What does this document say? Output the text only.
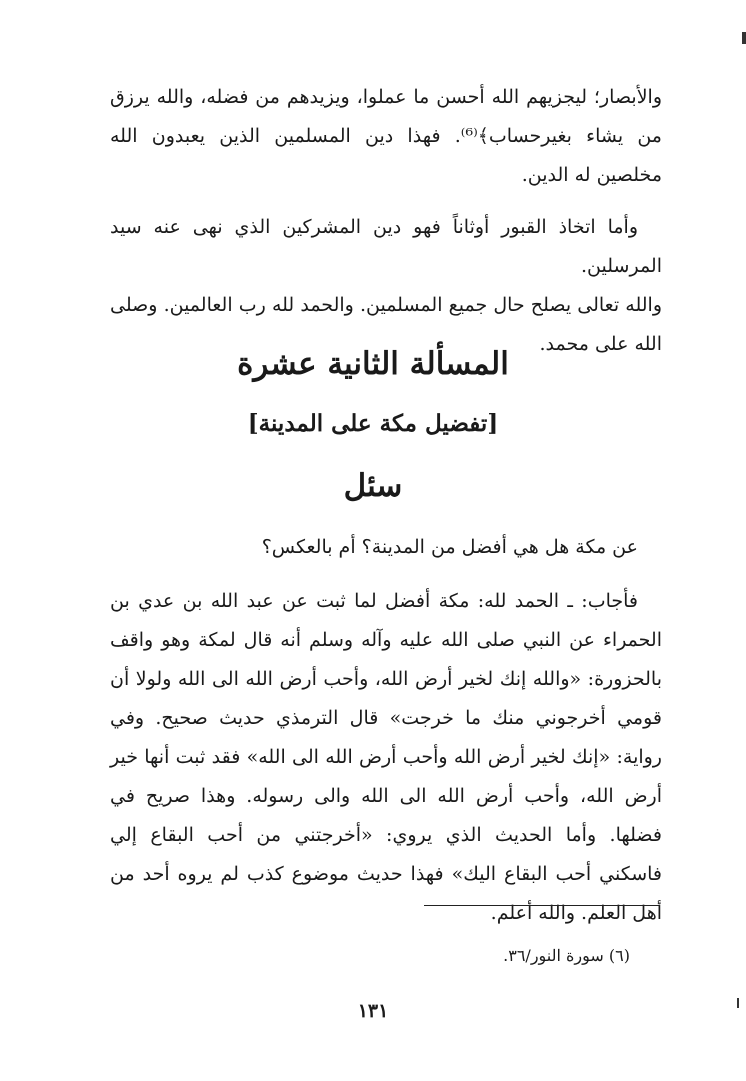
والأبصار؛ ليجزيهم الله أحسن ما عملوا، ويزيدهم من فضله، والله يرزق من يشاء بغيرحساب﴾⁽⁶⁾. فهذا دين المسلمين الذين يعبدون الله مخلصين له الدين.

وأما اتخاذ القبور أوثاناً فهو دين المشركين الذي نهى عنه سيد المرسلين.

والله تعالى يصلح حال جميع المسلمين. والحمد لله رب العالمين. وصلى الله على محمد.

المسألة الثانية عشرة
[تفضيل مكة على المدينة]
سئل

عن مكة هل هي أفضل من المدينة؟ أم بالعكس؟

فأجاب: ـ الحمد لله: مكة أفضل لما ثبت عن عبد الله بن عدي بن الحمراء عن النبي صلى الله عليه وآله وسلم أنه قال لمكة وهو واقف بالحزورة: «والله إنك لخير أرض الله، وأحب أرض الله الى الله ولولا أن قومي أخرجوني منك ما خرجت» قال الترمذي حديث صحيح. وفي رواية: «إنك لخير أرض الله وأحب أرض الله الى الله» فقد ثبت أنها خير أرض الله، وأحب أرض الله الى الله والى رسوله. وهذا صريح في فضلها. وأما الحديث الذي يروي: «أخرجتني من أحب البقاع إلي فاسكني أحب البقاع اليك» فهذا حديث موضوع كذب لم يروه أحد من أهل العلم. والله أعلم.

(٦) سورة النور/٣٦.
١٣١
